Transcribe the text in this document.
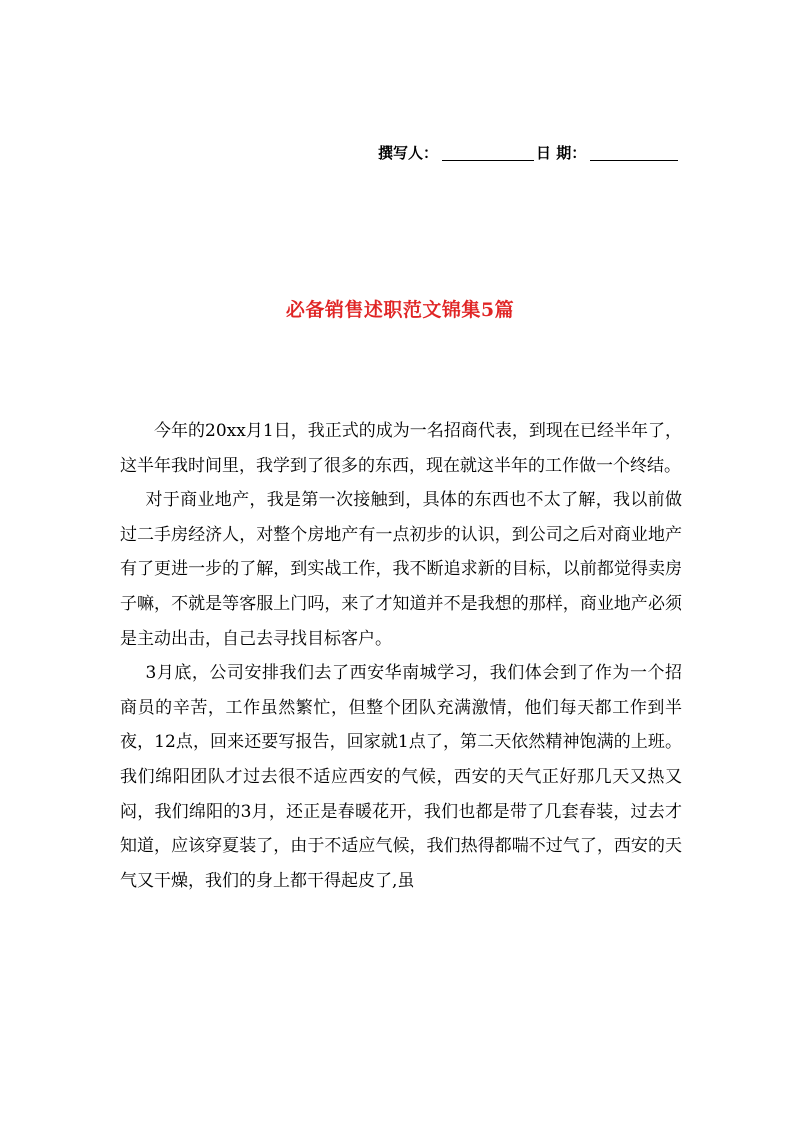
撰写人：	日 期：
必备销售述职范文锦集5篇

今年的20xx月1日，我正式的成为一名招商代表，到现在已经半年了，这半年我时间里，我学到了很多的东西，现在就这半年的工作做一个终结。

对于商业地产，我是第一次接触到，具体的东西也不太了解，我以前做过二手房经济人，对整个房地产有一点初步的认识，到公司之后对商业地产有了更进一步的了解，到实战工作，我不断追求新的目标，以前都觉得卖房子嘛，不就是等客服上门吗，来了才知道并不是我想的那样，商业地产必须是主动出击，自己去寻找目标客户。

3月底，公司安排我们去了西安华南城学习，我们体会到了作为一个招商员的辛苦，工作虽然繁忙，但整个团队充满激情，他们每天都工作到半夜，12点，回来还要写报告，回家就1点了，第二天依然精神饱满的上班。我们绵阳团队才过去很不适应西安的气候，西安的天气正好那几天又热又闷，我们绵阳的3月，还正是春暖花开，我们也都是带了几套春装，过去才知道，应该穿夏装了，由于不适应气候，我们热得都喘不过气了，西安的天气又干燥，我们的身上都干得起皮了,虽
